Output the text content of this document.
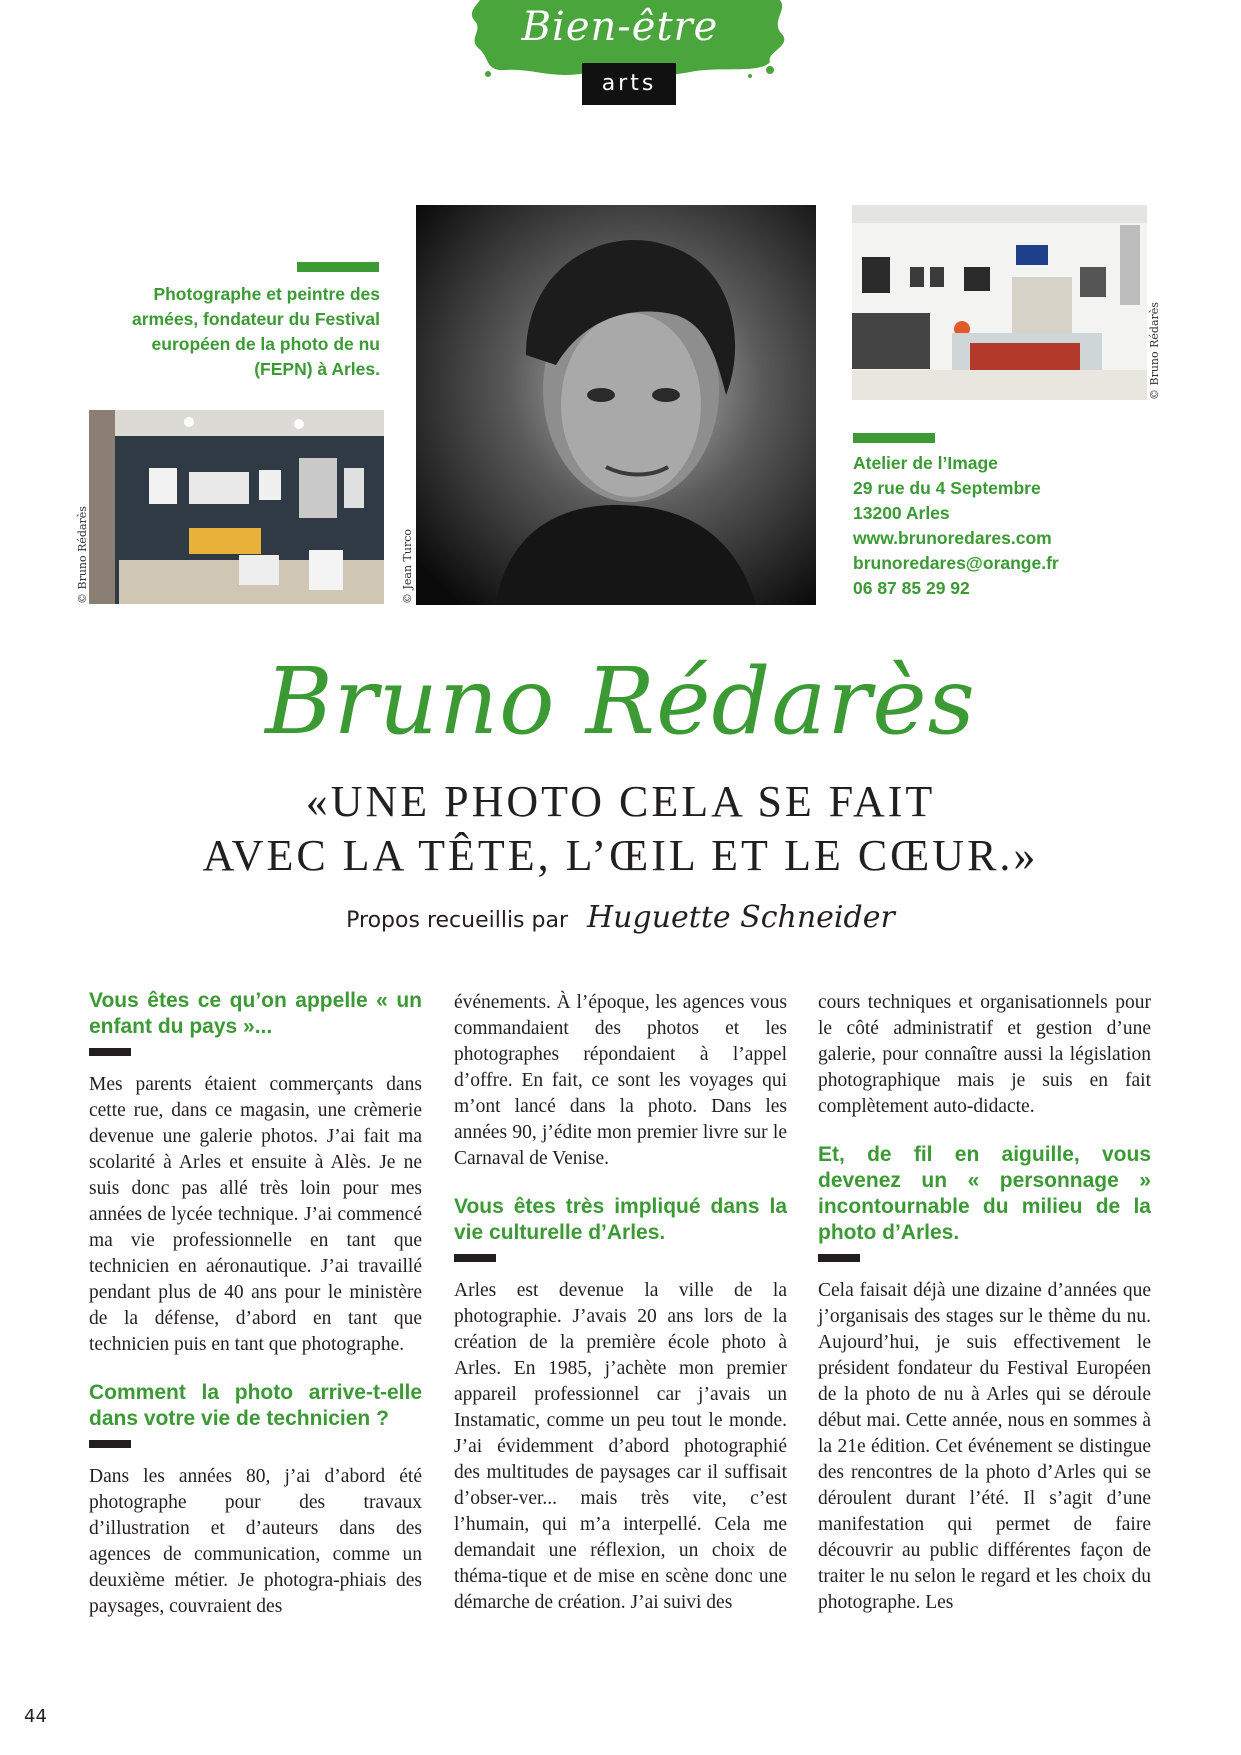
Bien-être
arts
Photographe et peintre des armées, fondateur du Festival européen de la photo de nu (FEPN) à Arles.
© Bruno Rédarès	© Jean Turco
© Bruno Rédarès
Atelier de l’Image
29 rue du 4 Septembre
13200 Arles
www.brunoredares.com
brunoredares@orange.fr
06 87 85 29 92
Bruno Rédarès
«UNE PHOTO CELA SE FAIT
AVEC LA TÊTE, L’ŒIL ET LE CŒUR.»
Propos recueillis par Huguette Schneider

Vous êtes ce qu’on appelle « un enfant du pays »...

Mes parents étaient commerçants dans cette rue, dans ce magasin, une crèmerie devenue une galerie photos. J’ai fait ma scolarité à Arles et ensuite à Alès. Je ne suis donc pas allé très loin pour mes années de lycée technique. J’ai commencé ma vie professionnelle en tant que technicien en aéronautique. J’ai travaillé pendant plus de 40 ans pour le ministère de la défense, d’abord en tant que technicien puis en tant que photographe.

Comment la photo arrive-t-elle dans votre vie de technicien ?

Dans les années 80, j’ai d’abord été photographe pour des travaux d’illustration et d’auteurs dans des agences de communication, comme un deuxième métier. Je photogra-phiais des paysages, couvraient des

événements. À l’époque, les agences vous commandaient des photos et les photographes répondaient à l’appel d’offre. En fait, ce sont les voyages qui m’ont lancé dans la photo. Dans les années 90, j’édite mon premier livre sur le Carnaval de Venise.

Vous êtes très impliqué dans la vie culturelle d’Arles.

Arles est devenue la ville de la photographie. J’avais 20 ans lors de la création de la première école photo à Arles. En 1985, j’achète mon premier appareil professionnel car j’avais un Instamatic, comme un peu tout le monde. J’ai évidemment d’abord photographié des multitudes de paysages car il suffisait d’obser-ver... mais très vite, c’est l’humain, qui m’a interpellé. Cela me demandait une réflexion, un choix de théma-tique et de mise en scène donc une démarche de création. J’ai suivi des

cours techniques et organisationnels pour le côté administratif et gestion d’une galerie, pour connaître aussi la législation photographique mais je suis en fait complètement auto-didacte.

Et, de fil en aiguille, vous devenez un « personnage » incontournable du milieu de la photo d’Arles.

Cela faisait déjà une dizaine d’années que j’organisais des stages sur le thème du nu. Aujourd’hui, je suis effectivement le président fondateur du Festival Européen de la photo de nu à Arles qui se déroule début mai. Cette année, nous en sommes à la 21e édition. Cet événement se distingue des rencontres de la photo d’Arles qui se déroulent durant l’été. Il s’agit d’une manifestation qui permet de faire découvrir au public différentes façon de traiter le nu selon le regard et les choix du photographe. Les

44
